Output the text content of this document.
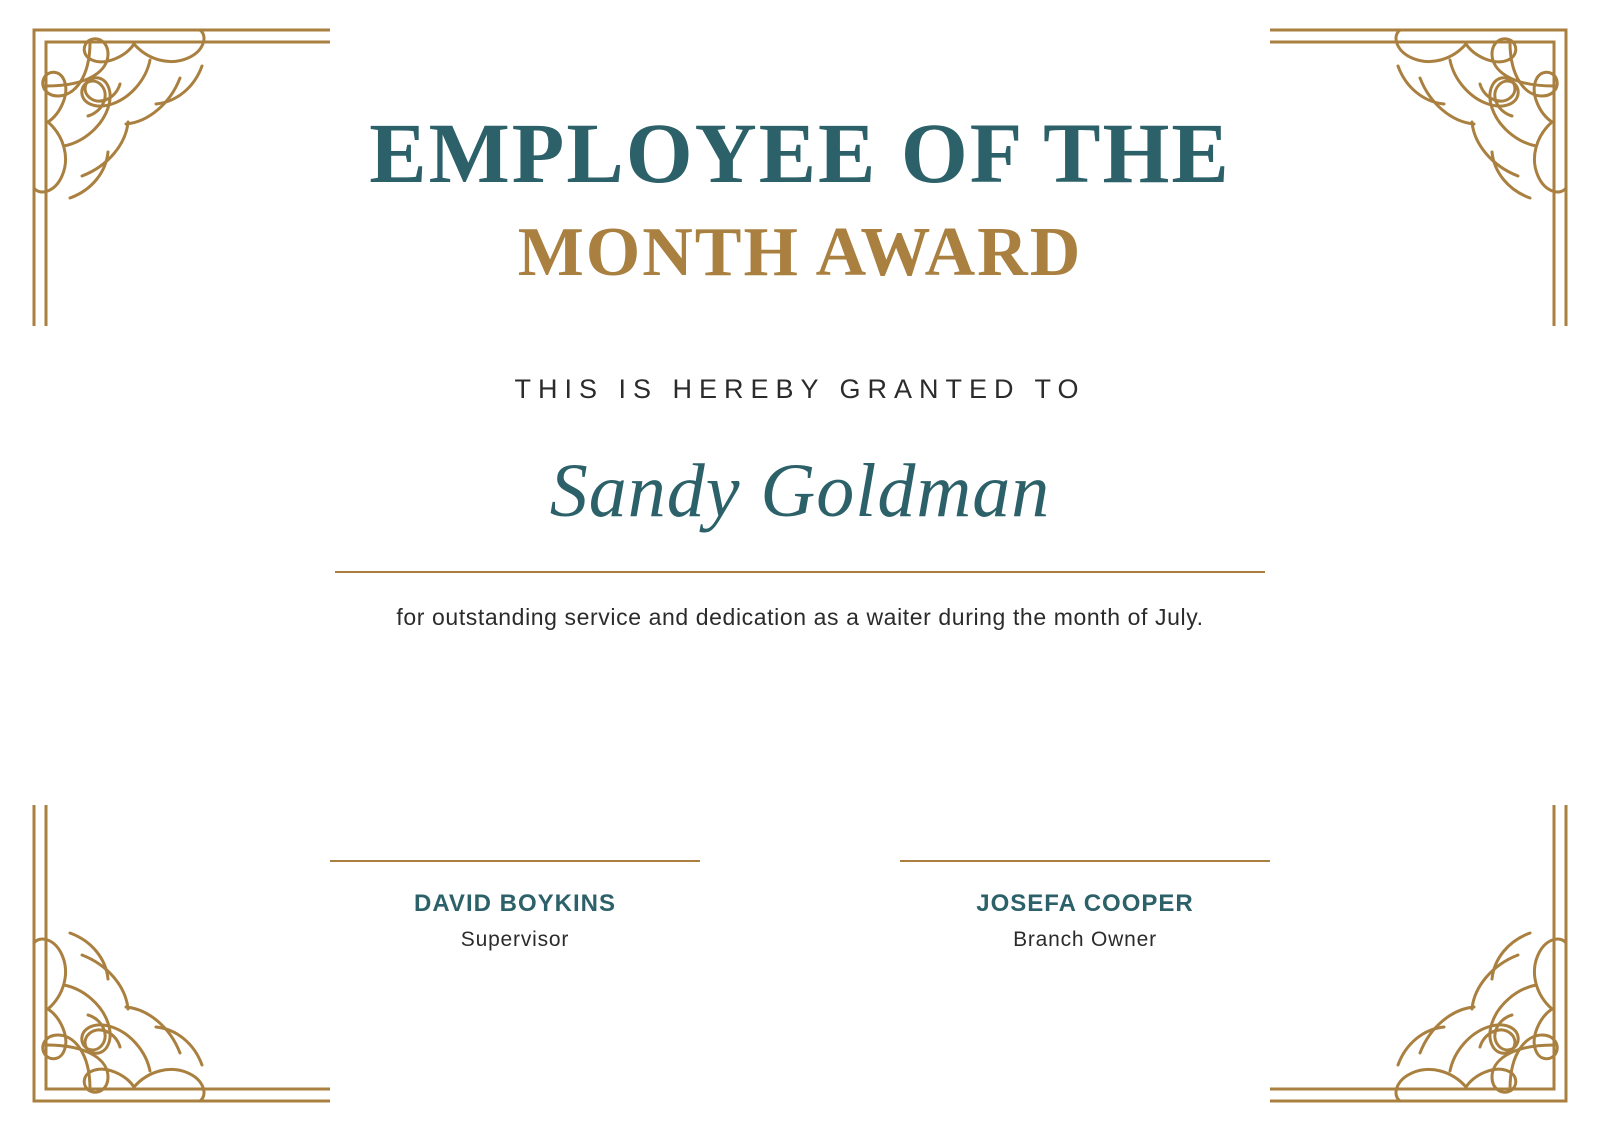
EMPLOYEE OF THE
MONTH AWARD
THIS IS HEREBY GRANTED TO
Sandy Goldman
for outstanding service and dedication as a waiter during the month of July.
DAVID BOYKINS
Supervisor
JOSEFA COOPER
Branch Owner
